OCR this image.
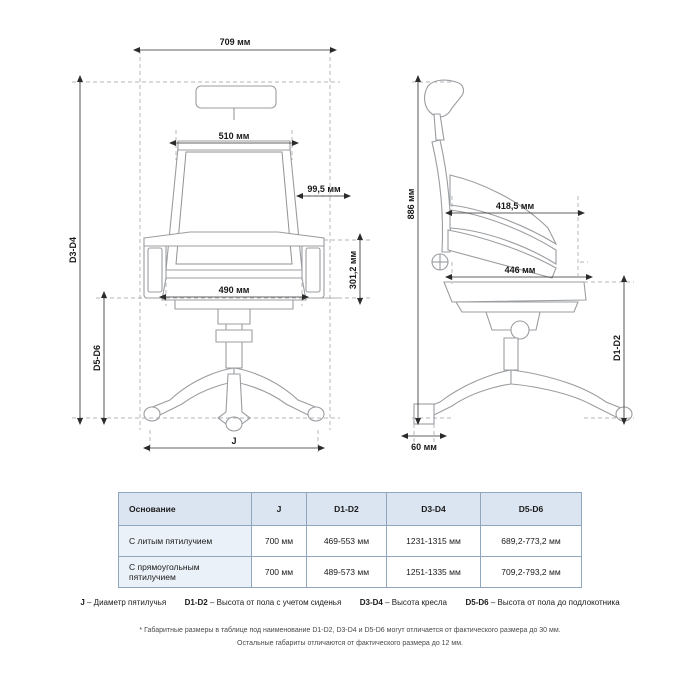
709 мм
510 мм
490 мм
99,5 мм
301,2 мм
D3-D4
D5-D6
J
886 мм	418,5 мм
446 мм
D1-D2
60 мм
Основание	J	D1-D2	D3-D4	D5-D6
С литым пятилучием	700 мм	469-553 мм	1231-1315 мм	689,2-773,2 мм
С прямоугольным пятилучием	700 мм	489-573 мм	1251-1335 мм	709,2-793,2 мм
J – Диаметр пятилучья D1-D2 – Высота от пола с учетом сиденья D3-D4 – Высота кресла D5-D6 – Высота от пола до подлокотника
* Габаритные размеры в таблице под наименование D1-D2, D3-D4 и D5-D6 могут отличается от фактического размера до 30 мм.
Остальные габариты отличаются от фактического размера до 12 мм.
